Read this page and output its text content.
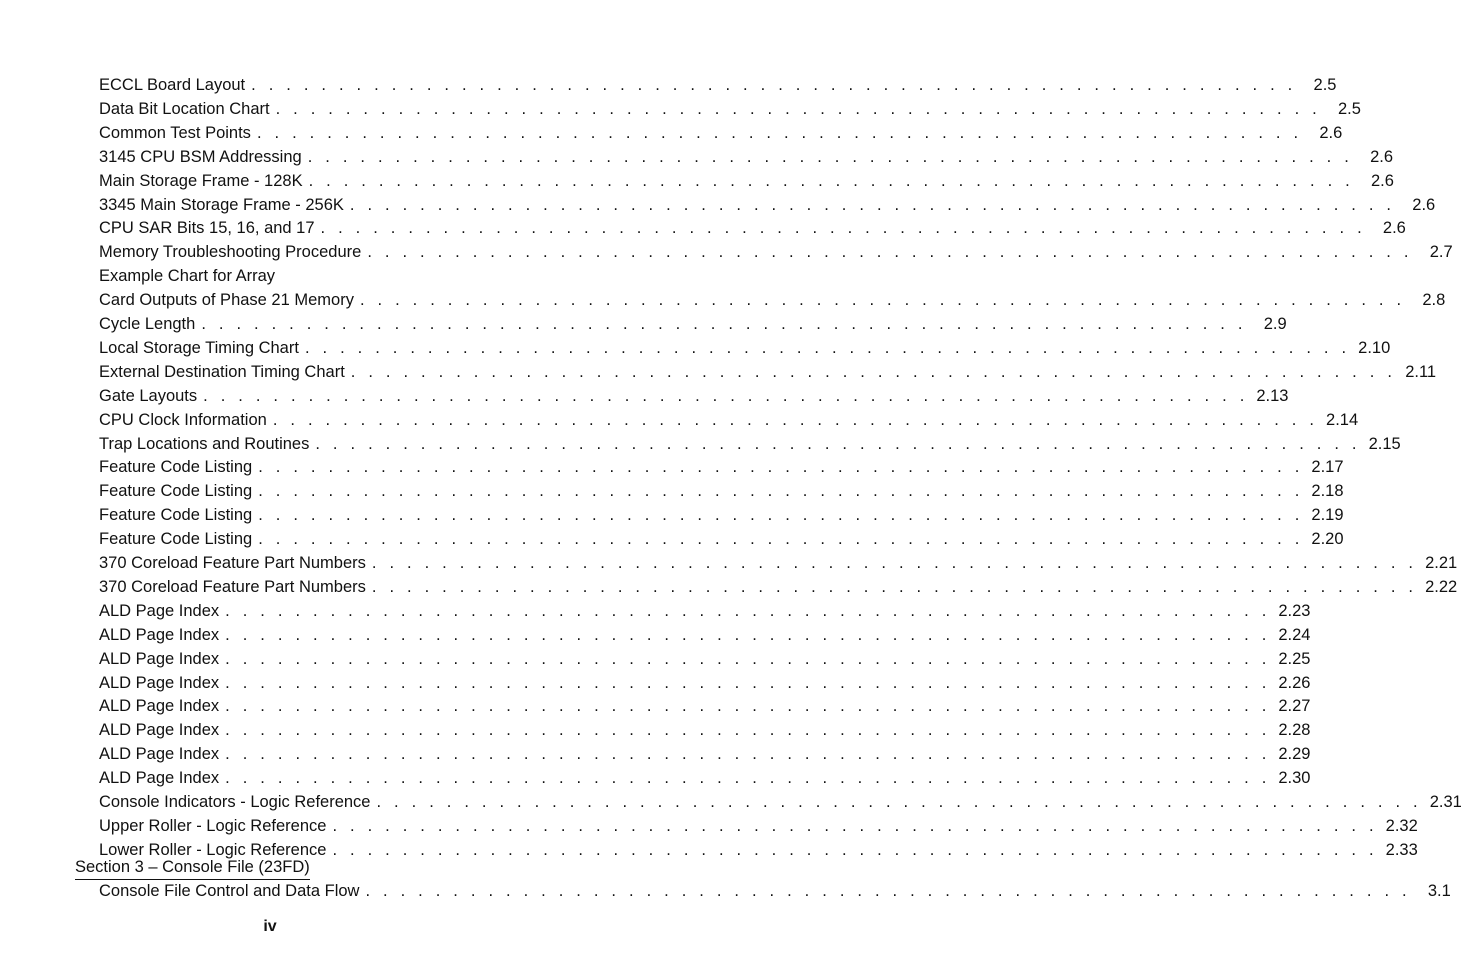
ECCL Board Layout . . . . . . . . . . . . . . . . . . . . . . . . . . . . . . . . . . . . . . . . . . . . . . . . . . . . . . . . . . . .	2.5
Data Bit Location Chart . . . . . . . . . . . . . . . . . . . . . . . . . . . . . . . . . . . . . . . . . . . . . . . . . . . . . . . . . . . .	2.5
Common Test Points . . . . . . . . . . . . . . . . . . . . . . . . . . . . . . . . . . . . . . . . . . . . . . . . . . . . . . . . . . . .	2.6
3145 CPU BSM Addressing . . . . . . . . . . . . . . . . . . . . . . . . . . . . . . . . . . . . . . . . . . . . . . . . . . . . . . . . . . . .	2.6
Main Storage Frame - 128K . . . . . . . . . . . . . . . . . . . . . . . . . . . . . . . . . . . . . . . . . . . . . . . . . . . . . . . . . . . .	2.6
3345 Main Storage Frame - 256K . . . . . . . . . . . . . . . . . . . . . . . . . . . . . . . . . . . . . . . . . . . . . . . . . . . . . . . . . . . .	2.6
CPU SAR Bits 15, 16, and 17 . . . . . . . . . . . . . . . . . . . . . . . . . . . . . . . . . . . . . . . . . . . . . . . . . . . . . . . . . . . .	2.6
Memory Troubleshooting Procedure . . . . . . . . . . . . . . . . . . . . . . . . . . . . . . . . . . . . . . . . . . . . . . . . . . . . . . . . . . . .	2.7
Example Chart for Array
Card Outputs of Phase 21 Memory . . . . . . . . . . . . . . . . . . . . . . . . . . . . . . . . . . . . . . . . . . . . . . . . . . . . . . . . . . . .	2.8
Cycle Length . . . . . . . . . . . . . . . . . . . . . . . . . . . . . . . . . . . . . . . . . . . . . . . . . . . . . . . . . . . .	2.9
Local Storage Timing Chart . . . . . . . . . . . . . . . . . . . . . . . . . . . . . . . . . . . . . . . . . . . . . . . . . . . . . . . . . . . . 2.10
External Destination Timing Chart . . . . . . . . . . . . . . . . . . . . . . . . . . . . . . . . . . . . . . . . . . . . . . . . . . . . . . . . . . . . 2.11
Gate Layouts . . . . . . . . . . . . . . . . . . . . . . . . . . . . . . . . . . . . . . . . . . . . . . . . . . . . . . . . . . . . 2.13
CPU Clock Information . . . . . . . . . . . . . . . . . . . . . . . . . . . . . . . . . . . . . . . . . . . . . . . . . . . . . . . . . . . . 2.14
Trap Locations and Routines . . . . . . . . . . . . . . . . . . . . . . . . . . . . . . . . . . . . . . . . . . . . . . . . . . . . . . . . . . . . 2.15
Feature Code Listing . . . . . . . . . . . . . . . . . . . . . . . . . . . . . . . . . . . . . . . . . . . . . . . . . . . . . . . . . . . . 2.17
Feature Code Listing . . . . . . . . . . . . . . . . . . . . . . . . . . . . . . . . . . . . . . . . . . . . . . . . . . . . . . . . . . . . 2.18
Feature Code Listing . . . . . . . . . . . . . . . . . . . . . . . . . . . . . . . . . . . . . . . . . . . . . . . . . . . . . . . . . . . . 2.19
Feature Code Listing . . . . . . . . . . . . . . . . . . . . . . . . . . . . . . . . . . . . . . . . . . . . . . . . . . . . . . . . . . . . 2.20
370 Coreload Feature Part Numbers . . . . . . . . . . . . . . . . . . . . . . . . . . . . . . . . . . . . . . . . . . . . . . . . . . . . . . . . . . . . 2.21
370 Coreload Feature Part Numbers . . . . . . . . . . . . . . . . . . . . . . . . . . . . . . . . . . . . . . . . . . . . . . . . . . . . . . . . . . . . 2.22
ALD Page Index . . . . . . . . . . . . . . . . . . . . . . . . . . . . . . . . . . . . . . . . . . . . . . . . . . . . . . . . . . . . 2.23
ALD Page Index . . . . . . . . . . . . . . . . . . . . . . . . . . . . . . . . . . . . . . . . . . . . . . . . . . . . . . . . . . . . 2.24
ALD Page Index . . . . . . . . . . . . . . . . . . . . . . . . . . . . . . . . . . . . . . . . . . . . . . . . . . . . . . . . . . . . 2.25
ALD Page Index . . . . . . . . . . . . . . . . . . . . . . . . . . . . . . . . . . . . . . . . . . . . . . . . . . . . . . . . . . . . 2.26
ALD Page Index . . . . . . . . . . . . . . . . . . . . . . . . . . . . . . . . . . . . . . . . . . . . . . . . . . . . . . . . . . . . 2.27
ALD Page Index . . . . . . . . . . . . . . . . . . . . . . . . . . . . . . . . . . . . . . . . . . . . . . . . . . . . . . . . . . . . 2.28
ALD Page Index . . . . . . . . . . . . . . . . . . . . . . . . . . . . . . . . . . . . . . . . . . . . . . . . . . . . . . . . . . . . 2.29
ALD Page Index . . . . . . . . . . . . . . . . . . . . . . . . . . . . . . . . . . . . . . . . . . . . . . . . . . . . . . . . . . . . 2.30
Console Indicators - Logic Reference . . . . . . . . . . . . . . . . . . . . . . . . . . . . . . . . . . . . . . . . . . . . . . . . . . . . . . . . . . . . 2.31
Upper Roller - Logic Reference . . . . . . . . . . . . . . . . . . . . . . . . . . . . . . . . . . . . . . . . . . . . . . . . . . . . . . . . . . . . 2.32
Lower Roller - Logic Reference . . . . . . . . . . . . . . . . . . . . . . . . . . . . . . . . . . . . . . . . . . . . . . . . . . . . . . . . . . . . 2.33
Section 3 – Console File (23FD)
Console File Control and Data Flow . . . . . . . . . . . . . . . . . . . . . . . . . . . . . . . . . . . . . . . . . . . . . . . . . . . . . . . . . . . .	3.1
iv
